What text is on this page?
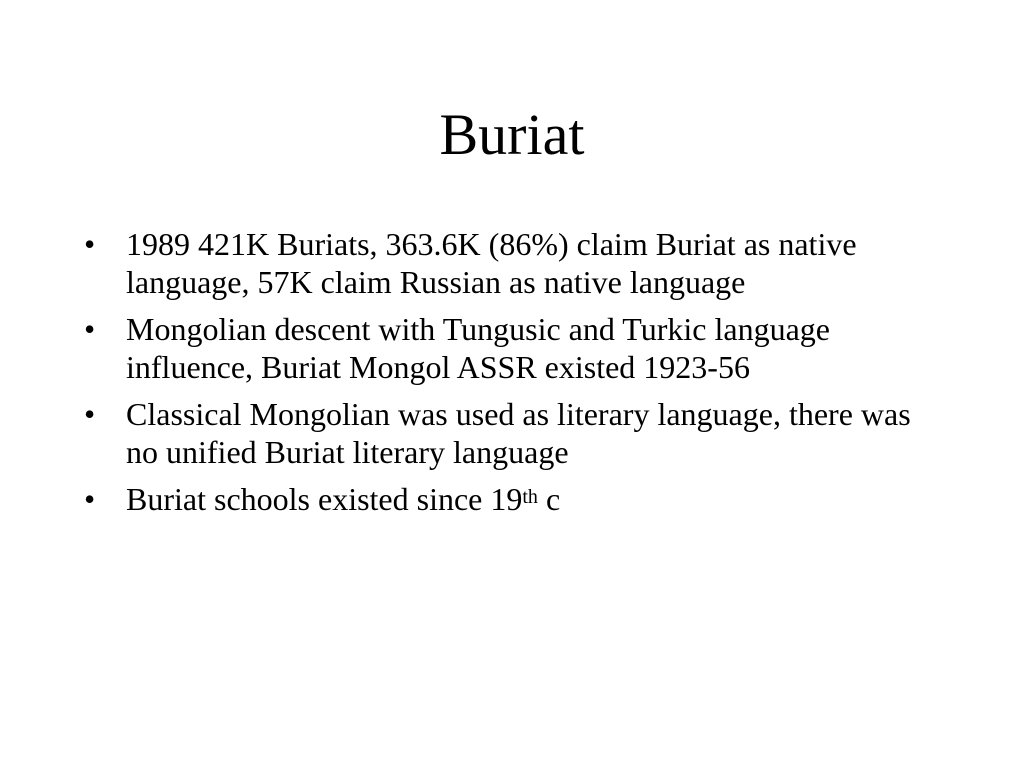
Buriat
• 1989 421K Buriats, 363.6K (86%) claim Buriat as native language, 57K claim Russian as native language
• Mongolian descent with Tungusic and Turkic language influence, Buriat Mongol ASSR existed 1923-56
• Classical Mongolian was used as literary language, there was no unified Buriat literary language
• Buriat schools existed since 19th c
